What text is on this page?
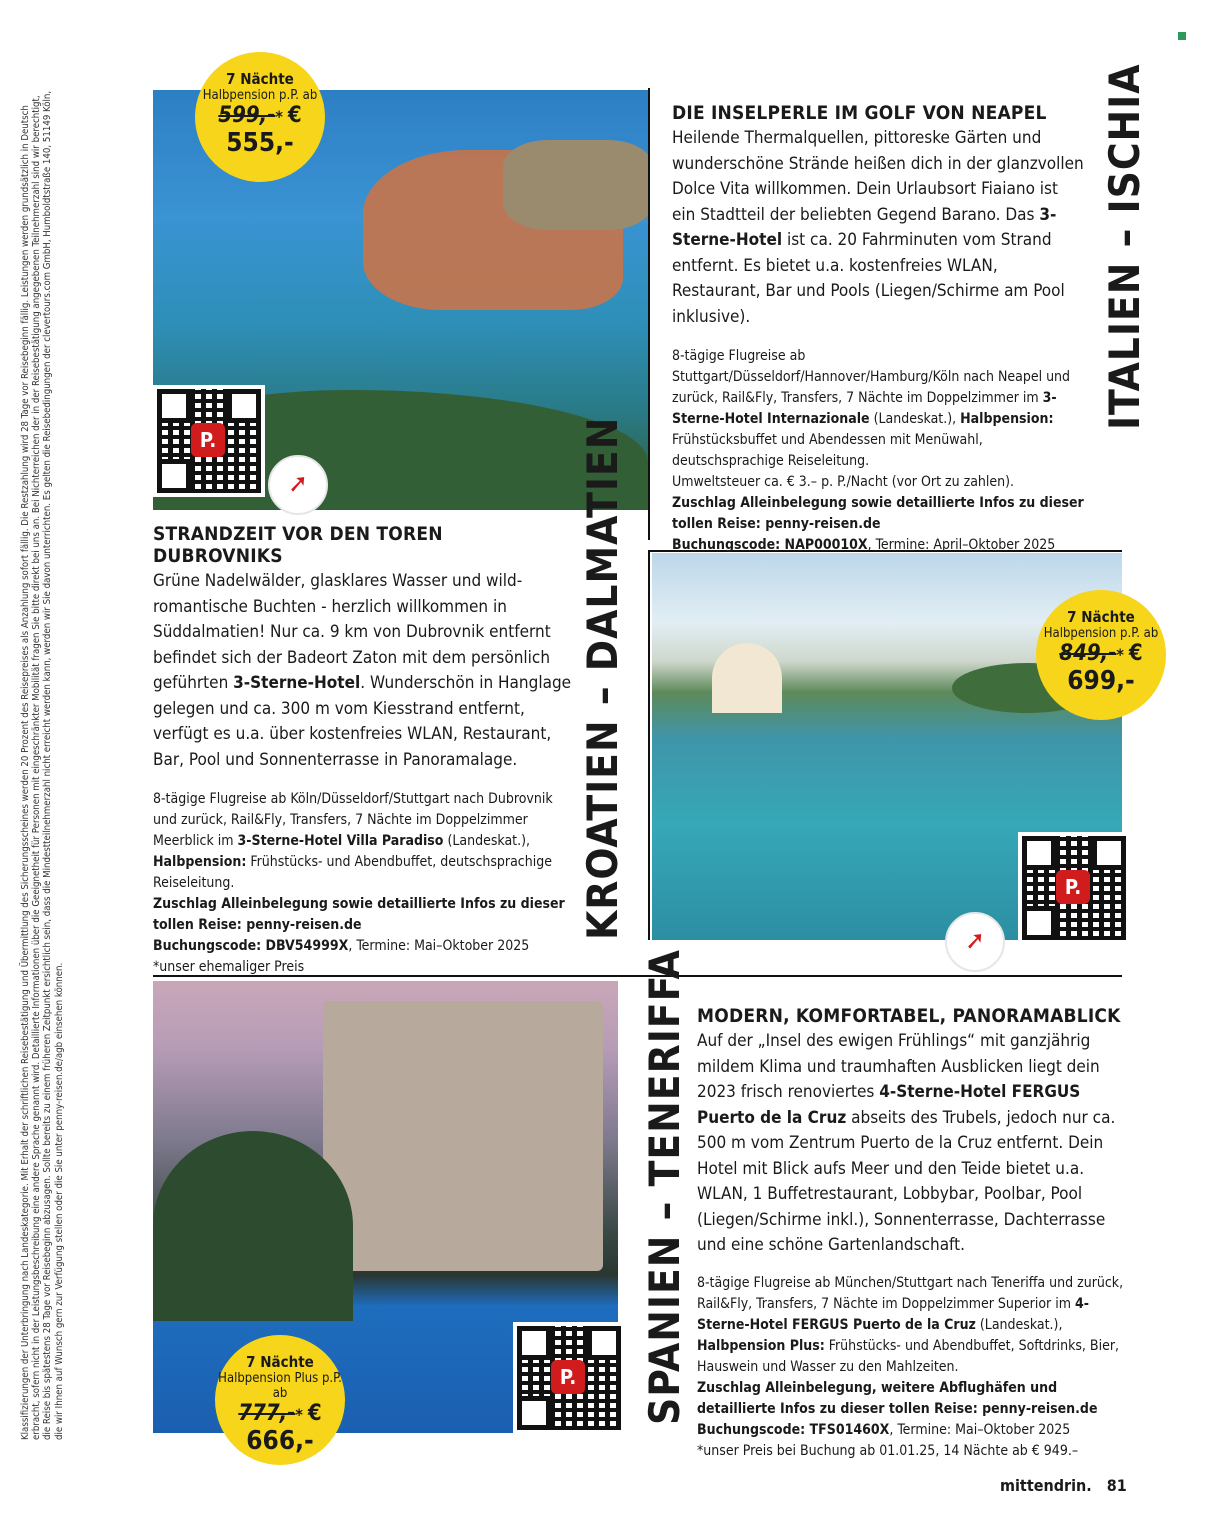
Klassifizierungen der Unterbringung nach Landeskategorie. Mit Erhalt der schriftlichen Reisebestätigung und Übermittlung des Sicherungsscheines werden 20 Prozent des Reisepreises als Anzahlung sofort fällig. Die Restzahlung wird 28 Tage vor Reisebeginn fällig. Leistungen werden grundsätzlich in Deutsch erbracht, sofern nicht in der Leistungsbeschreibung eine andere Sprache genannt wird. Detaillierte Informationen über die Geeignetheit für Personen mit eingeschränkter Mobilität fragen Sie bitte direkt bei uns an. Bei Nichterreichen der in der Reisebestätigung angegebenen Teilnehmerzahl sind wir berechtigt, die Reise bis spätestens 28 Tage vor Reisebeginn abzusagen. Sollte bereits zu einem früheren Zeitpunkt ersichtlich sein, dass die Mindestteilnehmerzahl nicht erreicht werden kann, werden wir Sie davon unterrichten. Es gelten die Reisebedingungen der clevertours.com GmbH, Humboldtstraße 140, 51149 Köln, die wir Ihnen auf Wunsch gern zur Verfügung stellen oder die Sie unter penny-reisen.de/agb einsehen können.
7 Nächte
Halbpension p.P. ab
599,-* €
555,-
P.
➚
STRANDZEIT VOR DEN TOREN DUBROVNIKS
Grüne Nadelwälder, glasklares Wasser und wild-romantische Buchten - herzlich willkommen in Süddalmatien! Nur ca. 9 km von Dubrovnik entfernt befindet sich der Badeort Zaton mit dem persönlich geführten 3-Sterne-Hotel. Wunderschön in Hanglage gelegen und ca. 300 m vom Kiesstrand entfernt, verfügt es u.a. über kostenfreies WLAN, Restaurant, Bar, Pool und Sonnenterrasse in Panoramalage.
8-tägige Flugreise ab Köln/Düsseldorf/Stuttgart nach Dubrovnik und zurück, Rail&Fly, Transfers, 7 Nächte im Doppelzimmer Meerblick im 3-Sterne-Hotel Villa Paradiso (Landeskat.), Halbpension: Frühstücks- und Abendbuffet, deutschsprachige Reiseleitung.
Zuschlag Alleinbelegung sowie detaillierte Infos zu dieser tollen Reise: penny-reisen.de
Buchungscode: DBV54999X, Termine: Mai–Oktober 2025
*unser ehemaliger Preis
KROATIEN – DALMATIEN
DIE INSELPERLE IM GOLF VON NEAPEL
Heilende Thermalquellen, pittoreske Gärten und wunderschöne Strände heißen dich in der glanzvollen Dolce Vita willkommen. Dein Urlaubsort Fiaiano ist ein Stadtteil der beliebten Gegend Barano. Das 3-Sterne-Hotel ist ca. 20 Fahrminuten vom Strand entfernt. Es bietet u.a. kostenfreies WLAN, Restaurant, Bar und Pools (Liegen/Schirme am Pool inklusive).
8-tägige Flugreise ab Stuttgart/Düsseldorf/Hannover/Hamburg/Köln nach Neapel und zurück, Rail&Fly, Transfers, 7 Nächte im Doppelzimmer im 3-Sterne-Hotel Internazionale (Landeskat.), Halbpension: Frühstücksbuffet und Abendessen mit Menüwahl, deutschsprachige Reiseleitung.
Umweltsteuer ca. € 3.– p. P./Nacht (vor Ort zu zahlen).
Zuschlag Alleinbelegung sowie detaillierte Infos zu dieser tollen Reise: penny-reisen.de
Buchungscode: NAP00010X, Termine: April–Oktober 2025

ITALIEN – ISCHIA
7 Nächte
Halbpension p.P. ab
849,-* €
699,-
P.
➚
7 Nächte
Halbpension Plus p.P. ab
777,-* €
666,-
P. SPANIEN – TENERIFFA MODERN, KOMFORTABEL, PANORAMABLICK
Auf der „Insel des ewigen Frühlings“ mit ganzjährig mildem Klima und traumhaften Ausblicken liegt dein 2023 frisch renoviertes 4-Sterne-Hotel FERGUS Puerto de la Cruz abseits des Trubels, jedoch nur ca. 500 m vom Zentrum Puerto de la Cruz entfernt. Dein Hotel mit Blick aufs Meer und den Teide bietet u.a. WLAN, 1 Buffetrestaurant, Lobbybar, Poolbar, Pool (Liegen/Schirme inkl.), Sonnenterrasse, Dachterrasse und eine schöne Gartenlandschaft.
8-tägige Flugreise ab München/Stuttgart nach Teneriffa und zurück, Rail&Fly, Transfers, 7 Nächte im Doppelzimmer Superior im 4-Sterne-Hotel FERGUS Puerto de la Cruz (Landeskat.), Halbpension Plus: Frühstücks- und Abendbuffet, Softdrinks, Bier, Hauswein und Wasser zu den Mahlzeiten.
Zuschlag Alleinbelegung, weitere Abflughäfen und detaillierte Infos zu dieser tollen Reise: penny-reisen.de
Buchungscode: TFS01460X, Termine: Mai–Oktober 2025
*unser Preis bei Buchung ab 01.01.25, 14 Nächte ab € 949.–
mittendrin. 81
